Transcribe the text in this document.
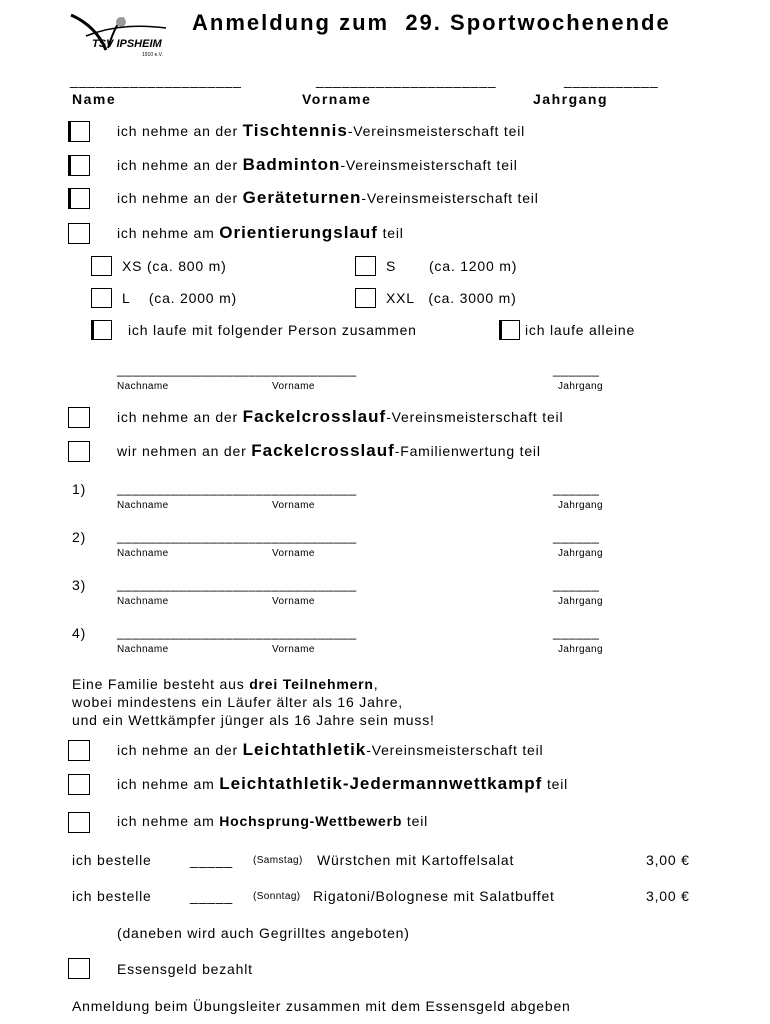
TSV IPSHEIM
1910 e.V.
Anmeldung zum  29. Sportwochenende
____________________	_____________________	___________
Name	Vorname	Jahrgang
ich nehme an der Tischtennis-Vereinsmeisterschaft teil
ich nehme an der Badminton-Vereinsmeisterschaft teil
ich nehme an der Geräteturnen-Vereinsmeisterschaft teil
ich nehme am Orientierungslauf teil
XS (ca. 800 m)	S       (ca. 1200 m)
L    (ca. 2000 m)	XXL   (ca. 3000 m)
ich laufe mit folgender Person zusammen	ich laufe alleine
_______________________________	______
Nachname	Vorname	Jahrgang
ich nehme an der Fackelcrosslauf-Vereinsmeisterschaft teil
wir nehmen an der Fackelcrosslauf-Familienwertung teil
1) _______________________________	______
Nachname	Vorname	Jahrgang
2) _______________________________	______
Nachname	Vorname	Jahrgang
3) _______________________________	______
Nachname	Vorname	Jahrgang
4) _______________________________	______
Nachname	Vorname	Jahrgang
Eine Familie besteht aus drei Teilnehmern,
wobei mindestens ein Läufer älter als 16 Jahre,
und ein Wettkämpfer jünger als 16 Jahre sein muss!
ich nehme an der Leichtathletik-Vereinsmeisterschaft teil
ich nehme am Leichtathletik-Jedermannwettkampf teil
ich nehme am Hochsprung-Wettbewerb teil
ich bestelle	_____ (Samstag) Würstchen mit Kartoffelsalat	3,00 €
ich bestelle	_____ (Sonntag) Rigatoni/Bolognese mit Salatbuffet	3,00 €
(daneben wird auch Gegrilltes angeboten)
Essensgeld bezahlt
Anmeldung beim Übungsleiter zusammen mit dem Essensgeld abgeben
